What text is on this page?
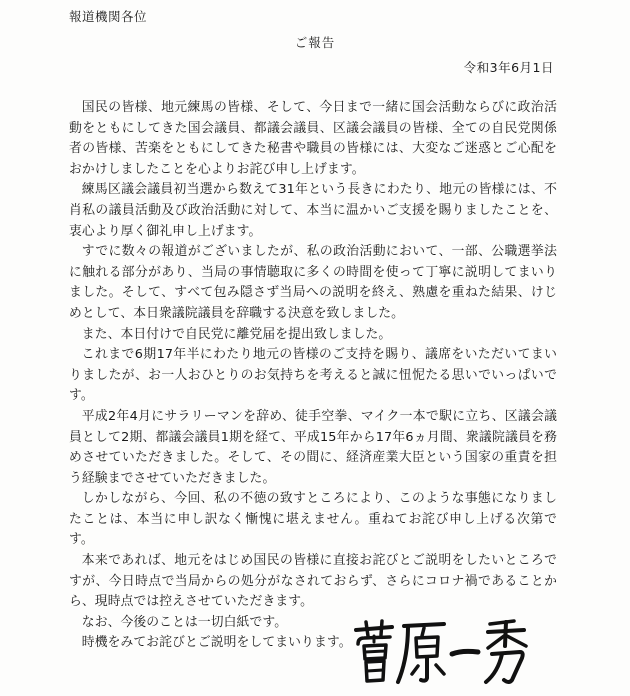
報道機関各位
ご報告
令和3年6月1日

国民の皆様、地元練馬の皆様、そして、今日まで一緒に国会活動ならびに政治活動をともにしてきた国会議員、都議会議員、区議会議員の皆様、全ての自民党関係者の皆様、苦楽をともにしてきた秘書や職員の皆様には、大変なご迷惑とご心配をおかけしましたことを心よりお詫び申し上げます。

練馬区議会議員初当選から数えて31年という長きにわたり、地元の皆様には、不肖私の議員活動及び政治活動に対して、本当に温かいご支援を賜りましたことを、衷心より厚く御礼申し上げます。

すでに数々の報道がございましたが、私の政治活動において、一部、公職選挙法に触れる部分があり、当局の事情聴取に多くの時間を使って丁寧に説明してまいりました。そして、すべて包み隠さず当局への説明を終え、熟慮を重ねた結果、けじめとして、本日衆議院議員を辞職する決意を致しました。

また、本日付けで自民党に離党届を提出致しました。

これまで6期17年半にわたり地元の皆様のご支持を賜り、議席をいただいてまいりましたが、お一人おひとりのお気持ちを考えると誠に忸怩たる思いでいっぱいです。

平成2年4月にサラリーマンを辞め、徒手空拳、マイク一本で駅に立ち、区議会議員として2期、都議会議員1期を経て、平成15年から17年6ヵ月間、衆議院議員を務めさせていただきました。そして、その間に、経済産業大臣という国家の重責を担う経験までさせていただきました。

しかしながら、今回、私の不徳の致すところにより、このような事態になりましたことは、本当に申し訳なく慚愧に堪えません。重ねてお詫び申し上げる次第です。

本来であれば、地元をはじめ国民の皆様に直接お詫びとご説明をしたいところですが、今日時点で当局からの処分がなされておらず、さらにコロナ禍であることから、現時点では控えさせていただきます。

なお、今後のことは一切白紙です。

時機をみてお詫びとご説明をしてまいります。
